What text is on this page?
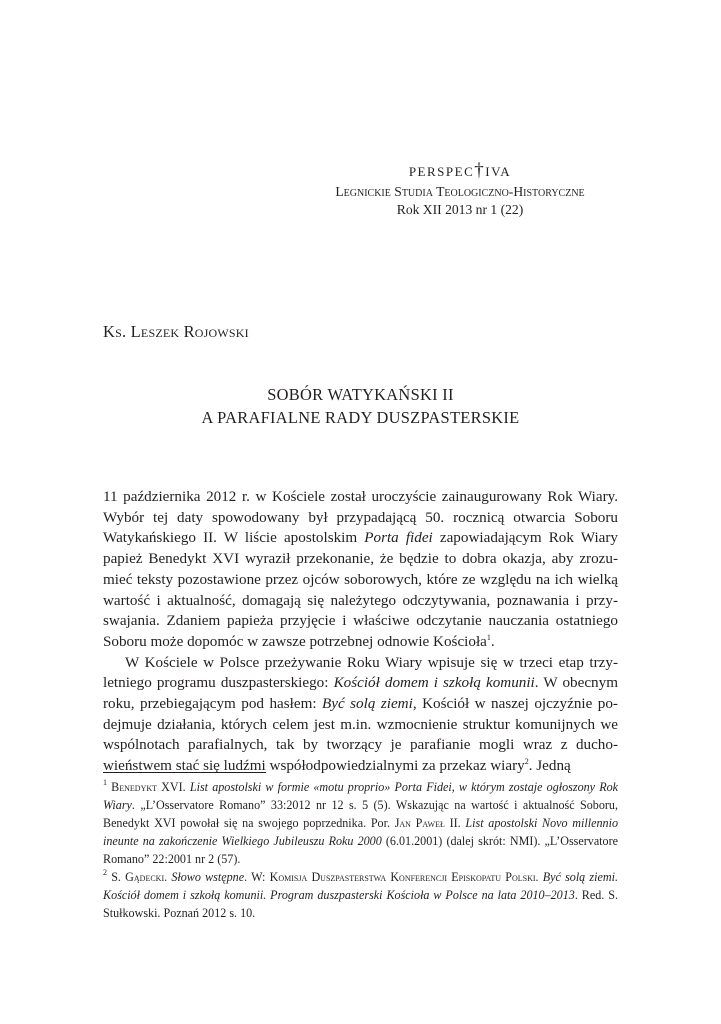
perspec†iva
Legnickie Studia Teologiczno-Historyczne
Rok XII 2013 nr 1 (22)
Ks. Leszek Rojowski
SOBÓR WATYKAŃSKI II
A PARAFIALNE RADY DUSZPASTERSKIE

11 października 2012 r. w Kościele został uroczyście zainaugurowany Rok Wiary. Wybór tej daty spowodowany był przypadającą 50. rocznicą otwarcia Soboru Watykańskiego II. W liście apostolskim Porta fidei zapowiadającym Rok Wiary papież Benedykt XVI wyraził przekonanie, że będzie to dobra okazja, aby zrozumieć teksty pozostawione przez ojców soborowych, które ze względu na ich wielką wartość i aktualność, domagają się należytego odczytywania, poznawania i przyswajania. Zdaniem papieża przyjęcie i właściwe odczytanie nauczania ostatniego Soboru może dopomóc w zawsze potrzebnej odnowie Kościoła$^1$.

W Kościele w Polsce przeżywanie Roku Wiary wpisuje się w trzeci etap trzyletniego programu duszpasterskiego: Kościół domem i szkołą komunii. W obecnym roku, przebiegającym pod hasłem: Być solą ziemi, Kościół w naszej ojczyźnie podejmuje działania, których celem jest m.in. wzmocnienie struktur komunijnych we wspólnotach parafialnych, tak by tworzący je parafianie mogli wraz z duchowieństwem stać się ludźmi współodpowiedzialnymi za przekaz wiary$^2$. Jedną

$^1$ Benedykt XVI. List apostolski w formie «motu proprio» Porta Fidei, w którym zostaje ogłoszony Rok Wiary. „L’Osservatore Romano” 33:2012 nr 12 s. 5 (5). Wskazując na wartość i aktualność Soboru, Benedykt XVI powołał się na swojego poprzednika. Por. Jan Paweł II. List apostolski Novo millennio ineunte na zakończenie Wielkiego Jubileuszu Roku 2000 (6.01.2001) (dalej skrót: NMI). „L’Osservatore Romano” 22:2001 nr 2 (57).

$^2$ S. Gądecki. Słowo wstępne. W: Komisja Duszpasterstwa Konferencji Episkopatu Polski. Być solą ziemi. Kościół domem i szkołą komunii. Program duszpasterski Kościoła w Polsce na lata 2010–2013. Red. S. Stułkowski. Poznań 2012 s. 10.
